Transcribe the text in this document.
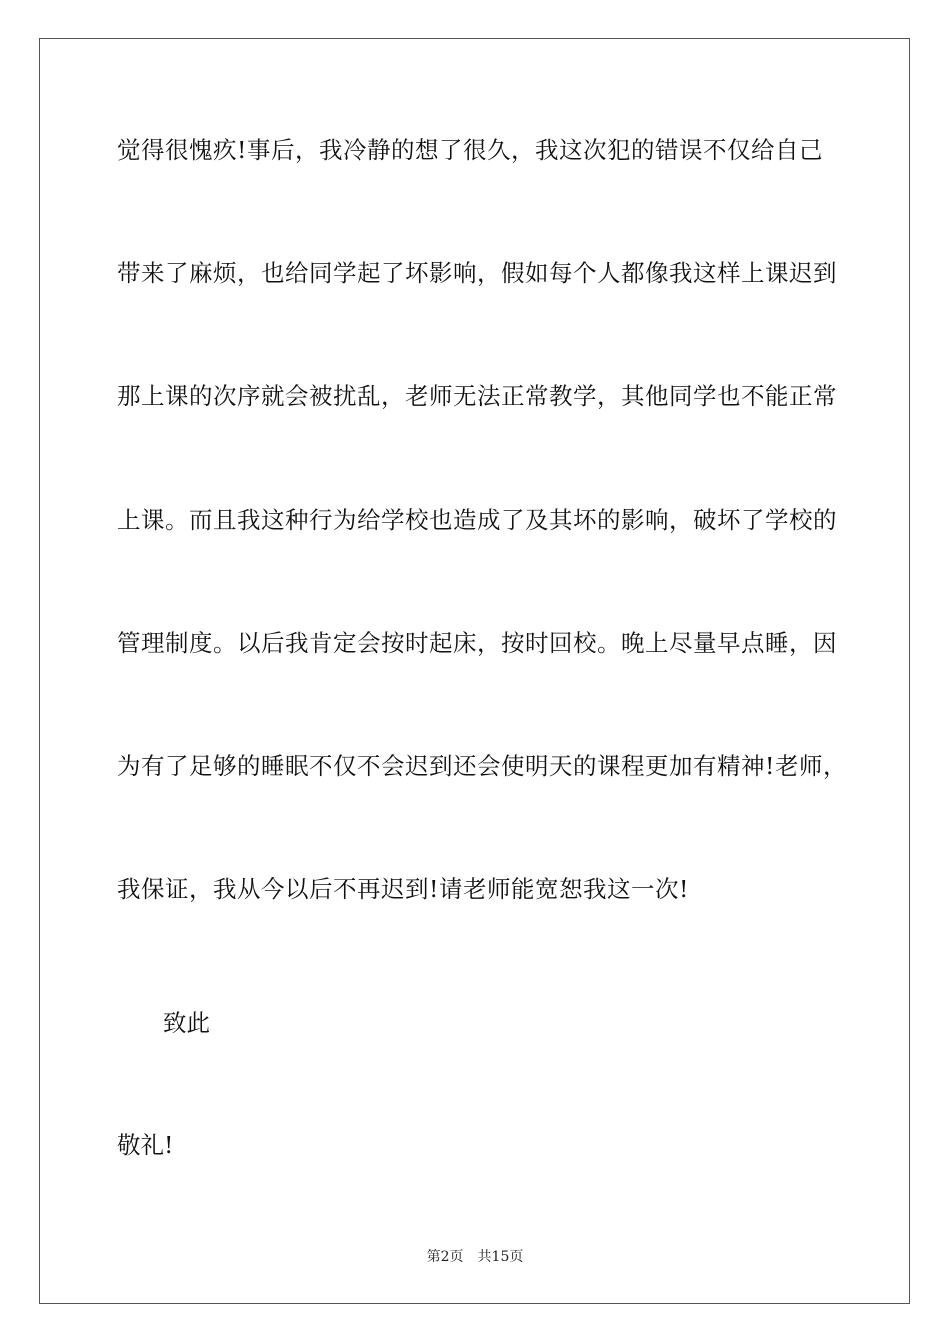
觉得很愧疚!事后，我冷静的想了很久，我这次犯的错误不仅给自己
带来了麻烦，也给同学起了坏影响，假如每个人都像我这样上课迟到
那上课的次序就会被扰乱，老师无法正常教学，其他同学也不能正常
上课。而且我这种行为给学校也造成了及其坏的影响，破坏了学校的
管理制度。以后我肯定会按时起床，按时回校。晚上尽量早点睡，因
为有了足够的睡眠不仅不会迟到还会使明天的课程更加有精神!老师，
我保证，我从今以后不再迟到!请老师能宽恕我这一次!
致此
敬礼!
第2页 共15页
